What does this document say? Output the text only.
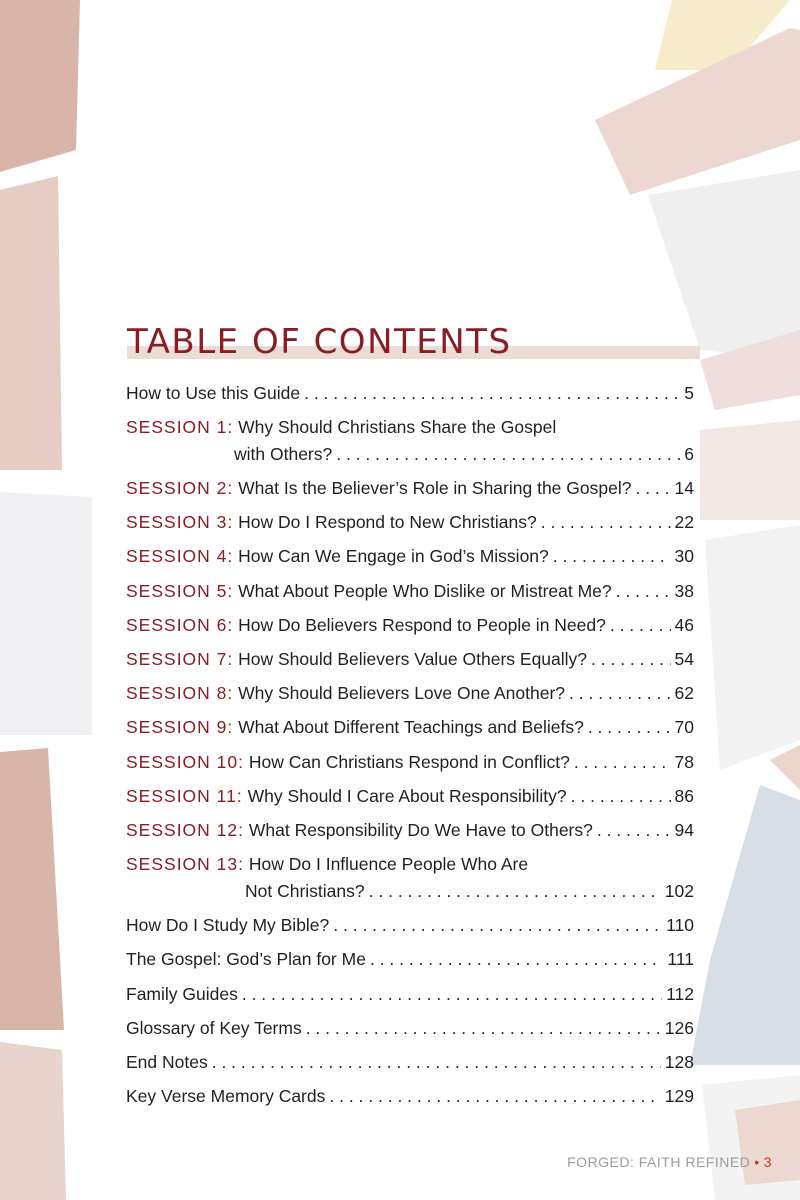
TABLE OF CONTENTS
How to Use this Guide . . .	5
SESSION 1: Why Should Christians Share the Gospel
with Others? . . .	6
SESSION 2: What Is the Believer’s Role in Sharing the Gospel? . . . 14
SESSION 3: How Do I Respond to New Christians? . . .	22
SESSION 4: How Can We Engage in God’s Mission? . . .	30
SESSION 5: What About People Who Dislike or Mistreat Me? . . .	38
SESSION 6: How Do Believers Respond to People in Need? . . .	46
SESSION 7: How Should Believers Value Others Equally? . . .	54
SESSION 8: Why Should Believers Love One Another? . . .	62
SESSION 9: What About Different Teachings and Beliefs? . . .	70
SESSION 10: How Can Christians Respond in Conflict? . . .	78
SESSION 11: Why Should I Care About Responsibility? . . .	86
SESSION 12: What Responsibility Do We Have to Others? . . .	94
SESSION 13: How Do I Influence People Who Are
Not Christians? . . .	102
How Do I Study My Bible? . . .	110
The Gospel: God’s Plan for Me . . .	111
Family Guides . . .	112
Glossary of Key Terms . . .	126
End Notes . . .	128
Key Verse Memory Cards . . .	129
FORGED: FAITH REFINED • 3
